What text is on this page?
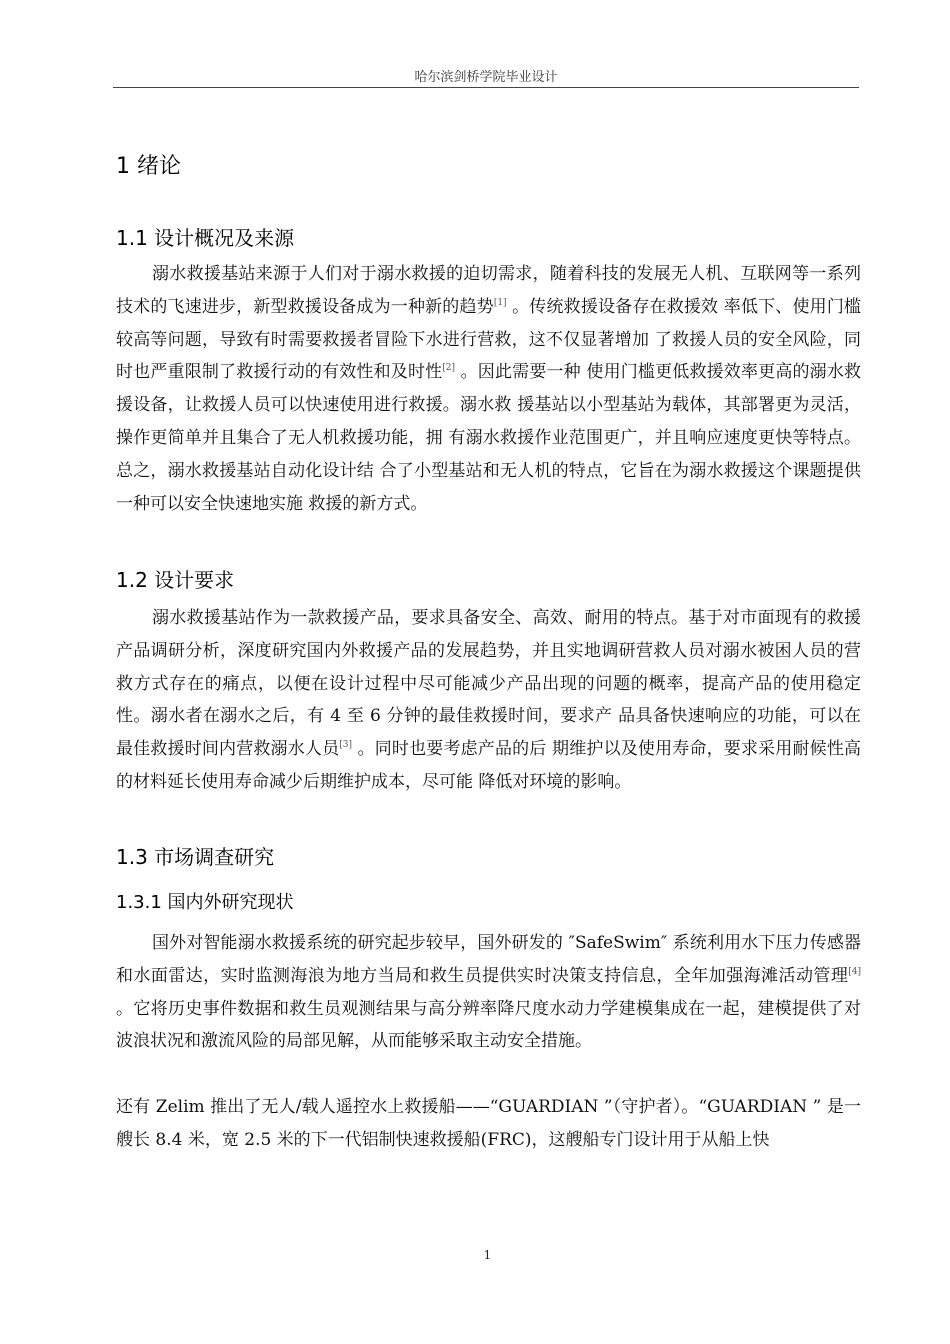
哈尔滨剑桥学院毕业设计
1 绪论
1.1 设计概况及来源

溺水救援基站来源于人们对于溺水救援的迫切需求，随着科技的发展无人机、互联网等一系列技术的飞速进步，新型救援设备成为一种新的趋势[1] 。传统救援设备存在救援效 率低下、使用门槛较高等问题，导致有时需要救援者冒险下水进行营救，这不仅显著增加 了救援人员的安全风险，同时也严重限制了救援行动的有效性和及时性[2] 。因此需要一种 使用门槛更低救援效率更高的溺水救援设备，让救援人员可以快速使用进行救援。溺水救 援基站以小型基站为载体，其部署更为灵活，操作更简单并且集合了无人机救援功能，拥 有溺水救援作业范围更广，并且响应速度更快等特点。总之，溺水救援基站自动化设计结 合了小型基站和无人机的特点，它旨在为溺水救援这个课题提供一种可以安全快速地实施 救援的新方式。

1.2 设计要求

溺水救援基站作为一款救援产品，要求具备安全、高效、耐用的特点。基于对市面现有的救援产品调研分析，深度研究国内外救援产品的发展趋势，并且实地调研营救人员对溺水被困人员的营救方式存在的痛点，以便在设计过程中尽可能减少产品出现的问题的概率，提高产品的使用稳定性。溺水者在溺水之后，有 4 至 6 分钟的最佳救援时间，要求产 品具备快速响应的功能，可以在最佳救援时间内营救溺水人员[3] 。同时也要考虑产品的后 期维护以及使用寿命，要求采用耐候性高的材料延长使用寿命减少后期维护成本，尽可能 降低对环境的影响。

1.3 市场调查研究
1.3.1 国内外研究现状

国外对智能溺水救援系统的研究起步较早，国外研发的 ″SafeSwim″ 系统利用水下压力传感器和水面雷达，实时监测海浪为地方当局和救生员提供实时决策支持信息，全年加强海滩活动管理[4] 。它将历史事件数据和救生员观测结果与高分辨率降尺度水动力学建模集成在一起，建模提供了对波浪状况和激流风险的局部见解，从而能够采取主动安全措施。

还有 Zelim 推出了无人/载人遥控水上救援船——“GUARDIAN ”（守护者）。“GUARDIAN ” 是一艘长 8.4 米，宽 2.5 米的下一代铝制快速救援船(FRC)，这艘船专门设计用于从船上快

1
